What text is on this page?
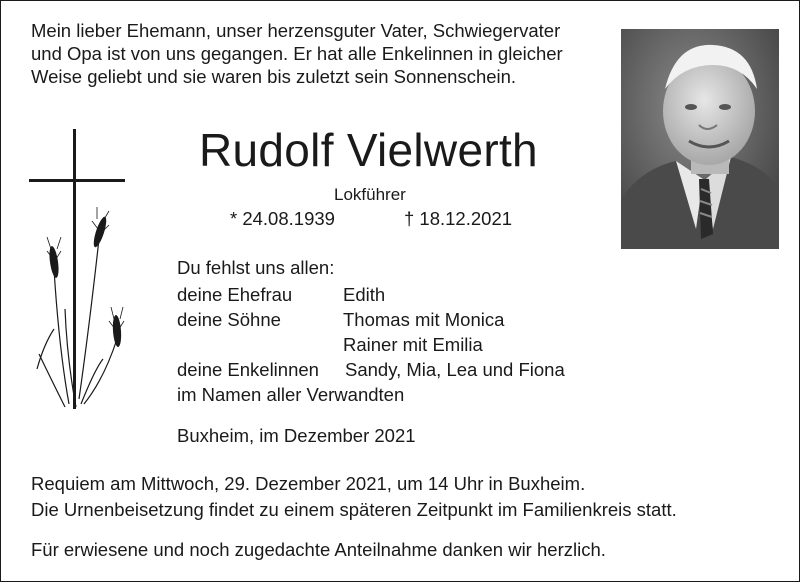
Mein lieber Ehemann, unser herzensguter Vater, Schwiegervater
und Opa ist von uns gegangen. Er hat alle Enkelinnen in gleicher
Weise geliebt und sie waren bis zuletzt sein Sonnenschein.
Rudolf Vielwerth
Lokführer
* 24.08.1939	† 18.12.2021
Du fehlst uns allen:
deine Ehefrau	Edith
deine Söhne	Thomas mit Monica
Rainer mit Emilia
deine Enkelinnen Sandy, Mia, Lea und Fiona
im Namen aller Verwandten
Buxheim, im Dezember 2021
Requiem am Mittwoch, 29. Dezember 2021, um 14 Uhr in Buxheim.
Die Urnenbeisetzung findet zu einem späteren Zeitpunkt im Familienkreis statt.
Für erwiesene und noch zugedachte Anteilnahme danken wir herzlich.
